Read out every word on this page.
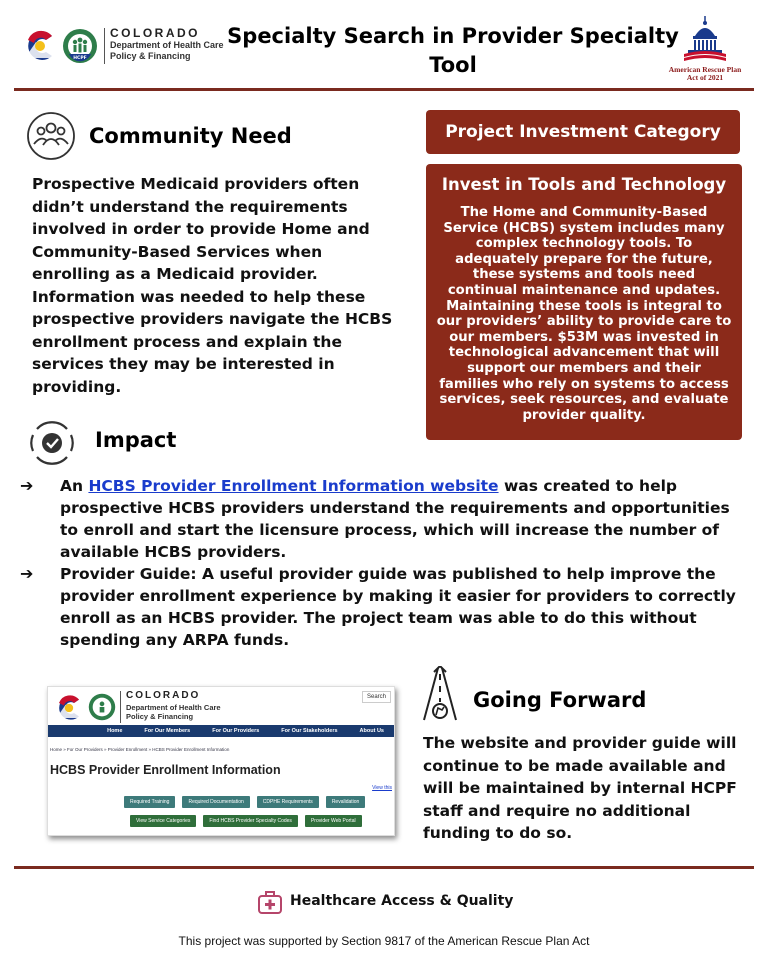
HCPF
COLORADO
Department of Health Care Policy & Financing
Specialty Search in Provider Specialty Tool	American Rescue Plan Act of 2021
Community Need
Prospective Medicaid providers often didn’t understand the requirements involved in order to provide Home and Community-Based Services when enrolling as a Medicaid provider. Information was needed to help these prospective providers navigate the HCBS enrollment process and explain the services they may be interested in providing.
Project Investment Category
Invest in Tools and Technology
The Home and Community-Based Service (HCBS) system includes many complex technology tools. To adequately prepare for the future, these systems and tools need continual maintenance and updates. Maintaining these tools is integral to our providers’ ability to provide care to our members. $53M was invested in technological advancement that will support our members and their families who rely on systems to access services, seek resources, and evaluate provider quality.
Impact
➔ An HCBS Provider Enrollment Information website was created to help prospective HCBS providers understand the requirements and opportunities to enroll and start the licensure process, which will increase the number of available HCBS providers.
➔ Provider Guide: A useful provider guide was published to help improve the provider enrollment experience by making it easier for providers to correctly enroll as an HCBS provider. The project team was able to do this without spending any ARPA funds.
COLORADO
Department of Health Care Policy & Financing
Search
Home	For Our Members	For Our Providers	For Our Stakeholders	About Us
Home » For Our Providers » Provider Enrollment » HCBS Provider Enrollment Information
HCBS Provider Enrollment Information
View this
Required Training	Required Documentation	CDPHE Requirements	Revalidation
View Service Categories	Find HCBS Provider Specialty Codes	Provider Web Portal
Going Forward
The website and provider guide will continue to be made available and will be maintained by internal HCPF staff and require no additional funding to do so.
Healthcare Access & Quality
This project was supported by Section 9817 of the American Rescue Plan Act
